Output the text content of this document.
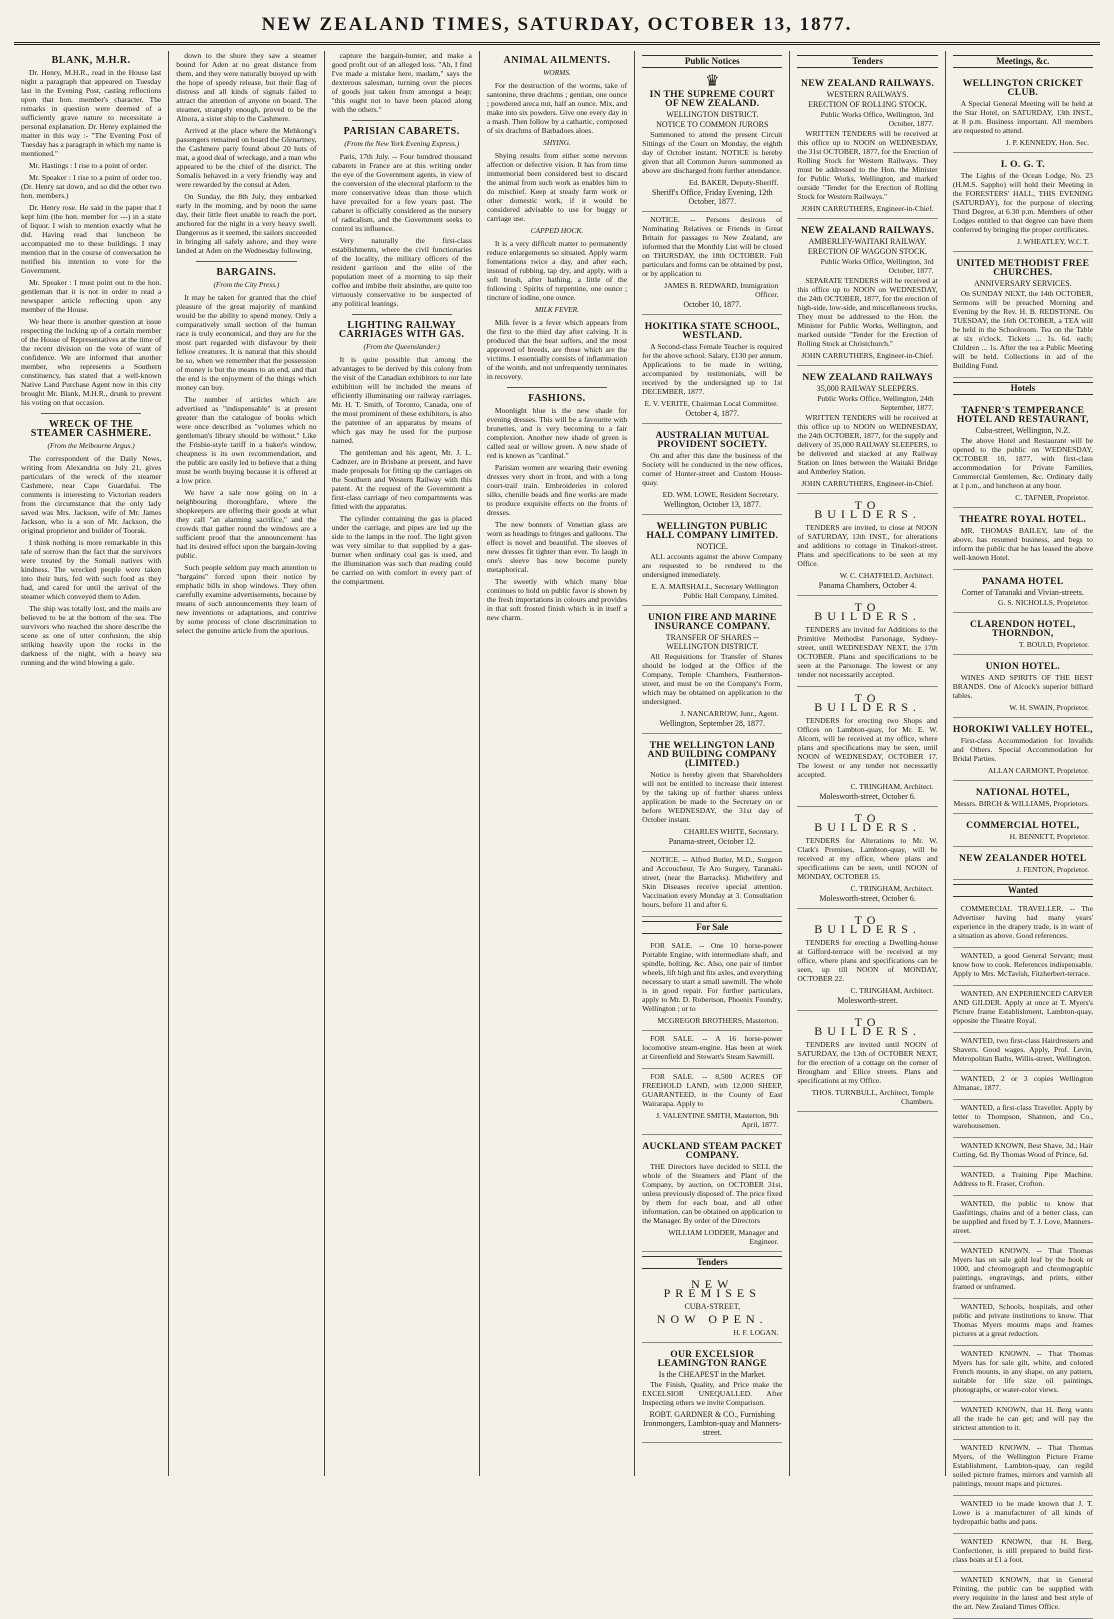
NEW ZEALAND TIMES, SATURDAY, OCTOBER 13, 1877.
BLANK, M.H.R.

Dr. Henry, M.H.R., read in the House last night a paragraph that appeared on Tuesday last in the Evening Post, casting reflections upon that hon. member's character. The remarks in question were deemed of a sufficiently grave nature to necessitate a personal explanation. Dr. Henry explained the matter in this way :- "The Evening Post of Tuesday has a paragraph in which my name is mentioned."

Mr. Hastings : I rise to a point of order.

Mr. Speaker : I rise to a point of order too. (Dr. Henry sat down, and so did the other two hon. members.)

Dr. Henry rose. He said in the paper that I kept him (the hon. member for ---) in a state of liquor. I wish to mention exactly what he did. Having read that luncheon he accompanied me to these buildings. I may mention that in the course of conversation he notified his intention to vote for the Government.

Mr. Speaker : I must point out to the hon. gentleman that it is not in order to read a newspaper article reflecting upon any member of the House.

We hear there is another question at issue respecting the locking up of a certain member of the House of Representatives at the time of the recent division on the vote of want of confidence. We are informed that another member, who represents a Southern constituency, has stated that a well-known Native Land Purchase Agent now in this city brought Mr. Blank, M.H.R., drunk to prevent his voting on that occasion.

WRECK OF THE STEAMER CASHMERE.
(From the Melbourne Argus.)

The correspondent of the Daily News, writing from Alexandria on July 21, gives particulars of the wreck of the steamer Cashmere, near Cape Guardafui. The comments is interesting to Victorian readers from the circumstance that the only lady saved was Mrs. Jackson, wife of Mr. James Jackson, who is a son of Mr. Jackson, the original proprietor and builder of Toorak.

I think nothing is more remarkable in this tale of sorrow than the fact that the survivors were treated by the Somali natives with kindness. The wrecked people were taken into their huts, fed with such food as they had, and cared for until the arrival of the steamer which conveyed them to Aden.

The ship was totally lost, and the mails are believed to be at the bottom of the sea. The survivors who reached the shore describe the scene as one of utter confusion, the ship striking heavily upon the rocks in the darkness of the night, with a heavy sea running and the wind blowing a gale.

down to the shore they saw a steamer bound for Aden at no great distance from them, and they were naturally buoyed up with the hope of speedy release, but their flag of distress and all kinds of signals failed to attract the attention of anyone on board. The steamer, strangely enough, proved to be the Alnora, a sister ship to the Cashmere.

Arrived at the place where the Mehkong's passengers remained on board the Glenartney, the Cashmere party found about 20 huts of mat, a good deal of wreckage, and a man who appeared to be the chief of the district. The Somalis behaved in a very friendly way and were rewarded by the consul at Aden.

On Sunday, the 8th July, they embarked early in the morning, and by noon the same day, their little fleet unable to reach the port, anchored for the night in a very heavy swell. Dangerous as it seemed, the sailors succeeded in bringing all safely ashore, and they were landed at Aden on the Wednesday following.

BARGAINS.
(From the City Press.)

It may be taken for granted that the chief pleasure of the great majority of mankind would be the ability to spend money. Only a comparatively small section of the human race is truly economical, and they are for the most part regarded with disfavour by their fellow creatures. It is natural that this should be so, when we remember that the possession of money is but the means to an end, and that the end is the enjoyment of the things which money can buy.

The number of articles which are advertised as "indispensable" is at present greater than the catalogue of books which were once described as "volumes which no gentleman's library should be without." Like the Frisbie-style tariff in a baker's window, cheapness is its own recommendation, and the public are easily led to believe that a thing must be worth buying because it is offered at a low price.

We have a sale now going on in a neighbouring thoroughfare, where the shopkeepers are offering their goods at what they call "an alarming sacrifice," and the crowds that gather round the windows are a sufficient proof that the announcement has had its desired effect upon the bargain-loving public.

Such people seldom pay much attention to "bargains" forced upon their notice by emphatic bills in shop windows. They often carefully examine advertisements, because by means of such announcements they learn of new inventions or adaptations, and contrive by some process of close discrimination to select the genuine article from the spurious.

capture the bargain-hunter, and make a good profit out of an alleged loss. "Ah, I find I've made a mistake here, madam," says the dexterous salesman, turning over the pieces of goods just taken from amongst a heap; "this ought not to have been placed along with the others."

PARISIAN CABARETS.
(From the New York Evening Express.)

Paris, 17th July. -- Four hundred thousand cabarets in France are at this writing under the eye of the Government agents, in view of the conversion of the electoral platform to the more conservative ideas than those which have prevailed for a few years past. The cabaret is officially considered as the nursery of radicalism, and the Government seeks to control its influence.

Very naturally the first-class establishments, where the civil functionaries of the locality, the military officers of the resident garrison and the elite of the population meet of a morning to sip their coffee and imbibe their absinthe, are quite too virtuously conservative to be suspected of any political leanings.

LIGHTING RAILWAY CARRIAGES WITH GAS.
(From the Queenslander.)

It is quite possible that among the advantages to be derived by this colony from the visit of the Canadian exhibitors to our late exhibition will be included the means of efficiently illuminating our railway carriages. Mr. H. T. Smith, of Toronto, Canada, one of the most prominent of these exhibitors, is also the patentee of an apparatus by means of which gas may be used for the purpose named.

The gentleman and his agent, Mr. J. L. Cadnzer, are in Brisbane at present, and have made proposals for fitting up the carriages on the Southern and Western Railway with this patent. At the request of the Government a first-class carriage of two compartments was fitted with the apparatus.

The cylinder containing the gas is placed under the carriage, and pipes are led up the side to the lamps in the roof. The light given was very similar to that supplied by a gas-burner when ordinary coal gas is used, and the illumination was such that reading could be carried on with comfort in every part of the compartment.

ANIMAL AILMENTS.
WORMS.

For the destruction of the worms, take of santonine, three drachms ; gentian, one ounce ; powdered areca nut, half an ounce. Mix, and make into six powders. Give one every day in a mash. Then follow by a cathartic, composed of six drachms of Barbadoes aloes.

SHYING.

Shying results from either some nervous affection or defective vision. It has from time immemorial been considered best to discard the animal from such work as enables him to do mischief. Keep at steady farm work or other domestic work, if it would be considered advisable to use for buggy or carriage use.

CAPPED HOCK.

It is a very difficult matter to permanently reduce enlargements so situated. Apply warm fomentations twice a day, and after each, instead of rubbing, tap dry, and apply, with a soft brush, after bathing, a little of the following : Spirits of turpentine, one ounce ; tincture of iodine, one ounce.

MILK FEVER.

Milk fever is a fever which appears from the first to the third day after calving. It is produced that the heat suffers, and the most approved of breeds, are those which are the victims. I essentially consists of inflammation of the womb, and not unfrequently terminates in recovery.

FASHIONS.

Moonlight blue is the new shade for evening dresses. This will be a favourite with brunettes, and is very becoming to a fair complexion. Another new shade of green is called seal or willow green. A new shade of red is known as "cardinal."

Parisian women are wearing their evening dresses very short in front, and with a long court-trail train. Embroideries in colored silks, chenille beads and fine works are made to produce exquisite effects on the fronts of dresses.

The new bonnets of Venetian glass are worn as headings to fringes and galloons. The effect is novel and beautiful. The sleeves of new dresses fit tighter than ever. To laugh in one's sleeve has now become purely metaphorical.

The sweetly with which many blue continues to hold on public favor is shown by the fresh importations in colours and provides in that soft frosted finish which is in itself a new charm.

Public Notices
♛
IN THE SUPREME COURT OF NEW ZEALAND.
WELLINGTON DISTRICT.
NOTICE TO COMMON JURORS

Summoned to attend the present Circuit Sittings of the Court on Monday, the eighth day of October instant. NOTICE is hereby given that all Common Jurors summoned as above are discharged from further attendance.

Ed. BAKER, Deputy-Sheriff.
Sheriff's Office, Friday Evening, 12th October, 1877.

NOTICE. -- Persons desirous of Nominating Relatives or Friends in Great Britain for passages to New Zealand, are informed that the Monthly List will be closed on THURSDAY, the 18th OCTOBER. Full particulars and forms can be obtained by post, or by application to

JAMES B. REDWARD, Immigration Officer.
October 10, 1877.
HOKITIKA STATE SCHOOL, WESTLAND.

A Second-class Female Teacher is required for the above school. Salary, £130 per annum. Applications to be made in writing, accompanied by testimonials, will be received by the undersigned up to 1st DECEMBER, 1877.

E. V. VERITE, Chairman Local Committee.
October 4, 1877.
AUSTRALIAN MUTUAL PROVIDENT SOCIETY.

On and after this date the business of the Society will be conducted in the new offices, corner of Hunter-street and Custom House-quay.

ED. WM. LOWE, Resident Secretary.
Wellington, October 13, 1877.
WELLINGTON PUBLIC HALL COMPANY LIMITED.
NOTICE.

ALL accounts against the above Company are requested to be rendered to the undersigned immediately.

E. A. MARSHALL, Secretary Wellington Public Hall Company, Limited.
UNION FIRE AND MARINE INSURANCE COMPANY.
TRANSFER OF SHARES -- WELLINGTON DISTRICT.

All Requisitions for Transfer of Shares should be lodged at the Office of the Company, Temple Chambers, Featherston-street, and must be on the Company's Form, which may be obtained on application to the undersigned.

J. NANCARROW, Junr., Agent.
Wellington, September 28, 1877.
THE WELLINGTON LAND AND BUILDING COMPANY (LIMITED.)

Notice is hereby given that Shareholders will not be entitled to increase their interest by the taking up of further shares unless application be made to the Secretary on or before WEDNESDAY, the 31st day of October instant.

CHARLES WHITE, Secretary.
Panama-street, October 12.

NOTICE. -- Alfred Butler, M.D., Surgeon and Accoucheur, Te Aro Surgery, Taranaki-street, (near the Barracks). Midwifery and Skin Diseases receive special attention. Vaccination every Monday at 3. Consultation hours, before 11 and after 6.

For Sale

FOR SALE. -- One 10 horse-power Portable Engine, with intermediate shaft, and spindle, bolting, &c. Also, one pair of timber wheels, lift high and fits axles, and everything necessary to start a small sawmill. The whole is in good repair. For further particulars, apply to Mr. D. Robertson, Phoenix Foundry, Wellington ; or to

MCGREGOR BROTHERS, Masterton.

FOR SALE. -- A 16 horse-power locomotive steam-engine. Has been at work at Greenfield and Stewart's Steam Sawmill.

FOR SALE. -- 8,500 ACRES OF FREEHOLD LAND, with 12,000 SHEEP, GUARANTEED, in the County of East Wairarapa. Apply to

J. VALENTINE SMITH, Masterton, 9th April, 1877.
AUCKLAND STEAM PACKET COMPANY.

THE Directors have decided to SELL the whole of the Steamers and Plant of the Company, by auction, on OCTOBER 31st, unless previously disposed of. The price fixed by them for each boat, and all other information, can be obtained on application to the Manager. By order of the Directors

WILLIAM LODDER, Manager and Engineer.
Tenders
NEW PREMISES
CUBA-STREET,
NOW OPEN.
H. F. LOGAN.
OUR EXCELSIOR LEAMINGTON RANGE
Is the CHEAPEST in the Market.

The Finish, Quality, and Price make the EXCELSIOR UNEQUALLED. After Inspecting others we invite Comparison.

ROBT. GARDNER & CO., Furnishing Ironmongers, Lambton-quay and Manners-street.
Tenders
NEW ZEALAND RAILWAYS.
WESTERN RAILWAYS.
ERECTION OF ROLLING STOCK.
Public Works Office, Wellington, 3rd October, 1877.

WRITTEN TENDERS will be received at this office up to NOON on WEDNESDAY, the 31st OCTOBER, 1877, for the Erection of Rolling Stock for Western Railways. They must be addressed to the Hon. the Minister for Public Works, Wellington, and marked outside "Tender for the Erection of Rolling Stock for Western Railways."

JOHN CARRUTHERS, Engineer-in-Chief.
NEW ZEALAND RAILWAYS.
AMBERLEY-WAITAKI RAILWAY.
ERECTION OF WAGGON STOCK.
Public Works Office, Wellington, 3rd October, 1877.

SEPARATE TENDERS will be received at this office up to NOON on WEDNESDAY, the 24th OCTOBER, 1877, for the erection of high-side, low-side, and miscellaneous trucks. They must be addressed to the Hon. the Minister for Public Works, Wellington, and marked outside "Tender for the Erection of Rolling Stock at Christchurch."

JOHN CARRUTHERS, Engineer-in-Chief.
NEW ZEALAND RAILWAYS
35,000 RAILWAY SLEEPERS.
Public Works Office, Wellington, 24th September, 1877.

WRITTEN TENDERS will be received at this office up to NOON on WEDNESDAY, the 24th OCTOBER, 1877, for the supply and delivery of 35,000 RAILWAY SLEEPERS, to be delivered and stacked at any Railway Station on lines between the Waitaki Bridge and Amberley Station.

JOHN CARRUTHERS, Engineer-in-Chief.
TO BUILDERS.

TENDERS are invited, to close at NOON of SATURDAY, 13th INST., for alterations and additions to cottage in Tinakori-street. Plans and specifications to be seen at my Office.

W. C. CHATFIELD, Architect.
Panama Chambers, October 4.
TO BUILDERS.

TENDERS are invited for Additions to the Primitive Methodist Parsonage, Sydney-street, until WEDNESDAY NEXT, the 17th OCTOBER. Plans and specifications to be seen at the Parsonage. The lowest or any tender not necessarily accepted.

TO BUILDERS.

TENDERS for erecting two Shops and Offices on Lambton-quay, for Mr. E. W. Alcorn, will be received at my office, where plans and specifications may be seen, until NOON of WEDNESDAY, OCTOBER 17. The lowest or any tender not necessarily accepted.

C. TRINGHAM, Architect.
Molesworth-street, October 6.
TO BUILDERS.

TENDERS for Alterations to Mr. W. Clark's Premises, Lambton-quay, will be received at my office, where plans and specifications can be seen, until NOON of MONDAY, OCTOBER 15.

C. TRINGHAM, Architect.
Molesworth-street, October 6.
TO BUILDERS.

TENDERS for erecting a Dwelling-house at Gifford-terrace will be received at my office, where plans and specifications can be seen, up till NOON of MONDAY, OCTOBER 22.

C. TRINGHAM, Architect.
Molesworth-street.
TO BUILDERS.

TENDERS are invited until NOON of SATURDAY, the 13th of OCTOBER NEXT, for the erection of a cottage on the corner of Brougham and Ellice streets. Plans and specifications at my Office.

THOS. TURNBULL, Architect, Temple Chambers.
Meetings, &c.
WELLINGTON CRICKET CLUB.

A Special General Meeting will be held at the Star Hotel, on SATURDAY, 13th INST., at 8 p.m. Business important. All members are requested to attend.

J. P. KENNEDY, Hon. Sec.
I. O. G. T.

The Lights of the Ocean Lodge, No. 23 (H.M.S. Sappho) will hold their Meeting in the FORESTERS' HALL, THIS EVENING (SATURDAY), for the purpose of electing Third Degree, at 6.30 p.m. Members of other Lodges entitled to that degree can have them conferred by bringing the proper certificates.

J. WHEATLEY, W.C.T.
UNITED METHODIST FREE CHURCHES.
ANNIVERSARY SERVICES.

On SUNDAY NEXT, the 14th OCTOBER, Sermons will be preached Morning and Evening by the Rev. H. B. REDSTONE. On TUESDAY, the 16th OCTOBER, a TEA will be held in the Schoolroom. Tea on the Table at six o'clock. Tickets ... 1s. 6d. each; Children ... 1s. After the tea a Public Meeting will be held. Collections in aid of the Building Fund.

Hotels
TAFNER'S TEMPERANCE HOTEL AND RESTAURANT,
Cuba-street, Wellington, N.Z.

The above Hotel and Restaurant will be opened to the public on WEDNESDAY, OCTOBER 10, 1877, with first-class accommodation for Private Families, Commercial Gentlemen, &c. Ordinary daily at 1 p.m., and luncheon at any hour.

C. TAFNER, Proprietor.
THEATRE ROYAL HOTEL.

MR. THOMAS BAILEY, late of the above, has resumed business, and begs to inform the public that he has leased the above well-known Hotel.

PANAMA HOTEL
Corner of Taranaki and Vivian-streets.
G. S. NICHOLLS, Proprietor.
CLARENDON HOTEL, THORNDON,
T. BOULD, Proprietor.
UNION HOTEL.

WINES AND SPIRITS OF THE BEST BRANDS. One of Alcock's superior billiard tables.

W. H. SWAIN, Proprietor.
HOROKIWI VALLEY HOTEL,

First-class Accommodation for Invalids and Others. Special Accommodation for Bridal Parties.

ALLAN CARMONT, Proprietor.
NATIONAL HOTEL,
Messrs. BIRCH & WILLIAMS, Proprietors.
COMMERCIAL HOTEL,
H. BENNETT, Proprietor.
NEW ZEALANDER HOTEL
J. FENTON, Proprietor.
Wanted

COMMERCIAL TRAVELLER. -- The Advertiser having had many years' experience in the drapery trade, is in want of a situation as above. Good references.

WANTED, a good General Servant; must know how to cook. References indispensable. Apply to Mrs. McTavish, Fitzherbert-terrace.

WANTED, AN EXPERIENCED CARVER AND GILDER. Apply at once at T. Myers's Picture frame Establishment, Lambton-quay, opposite the Theatre Royal.

WANTED, two first-class Hairdressers and Shavers. Good wages. Apply, Prof. Levin, Metropolitan Baths, Willis-street, Wellington.

WANTED, 2 or 3 copies Wellington Almanac, 1877.

WANTED, a first-class Traveller. Apply by letter to Thompson, Shannon, and Co., warehousemen.

WANTED KNOWN, Best Shave, 3d.; Hair Cutting, 6d. By Thomas Wood of Prince, 6d.

WANTED, a Training Pipe Machine. Address to R. Fraser, Crofton.

WANTED, the public to know that Gasfittings, chains and of a better class, can be supplied and fixed by T. J. Love, Manners-street.

WANTED KNOWN. -- That Thomas Myers has on sale gold leaf by the book or 1000, and chromograph and chromographic paintings, engravings, and prints, either framed or unframed.

WANTED, Schools, hospitals, and other public and private institutions to know. That Thomas Myers mounts maps and frames pictures at a great reduction.

WANTED KNOWN. -- That Thomas Myers has for sale gilt, white, and colored French mounts, in any shape, on any pattern, suitable for life size oil paintings, photographs, or water-color views.

WANTED KNOWN, that H. Berg wants all the trade he can get; and will pay the strictest attention to it.

WANTED KNOWN. -- That Thomas Myers, of the Wellington Picture Frame Establishment, Lambton-quay, can regild soiled picture frames, mirrors and varnish all paintings, mount maps and pictures.

WANTED to be made known that J. T. Lowe is a manufacturer of all kinds of hydropathic baths and pans.

WANTED KNOWN, that H. Berg, Confectioner, is still prepared to build first-class boats at £1 a foot.

WANTED KNOWN, that in General Printing, the public can be supplied with every requisite in the latest and best style of the art. New Zealand Times Office.
